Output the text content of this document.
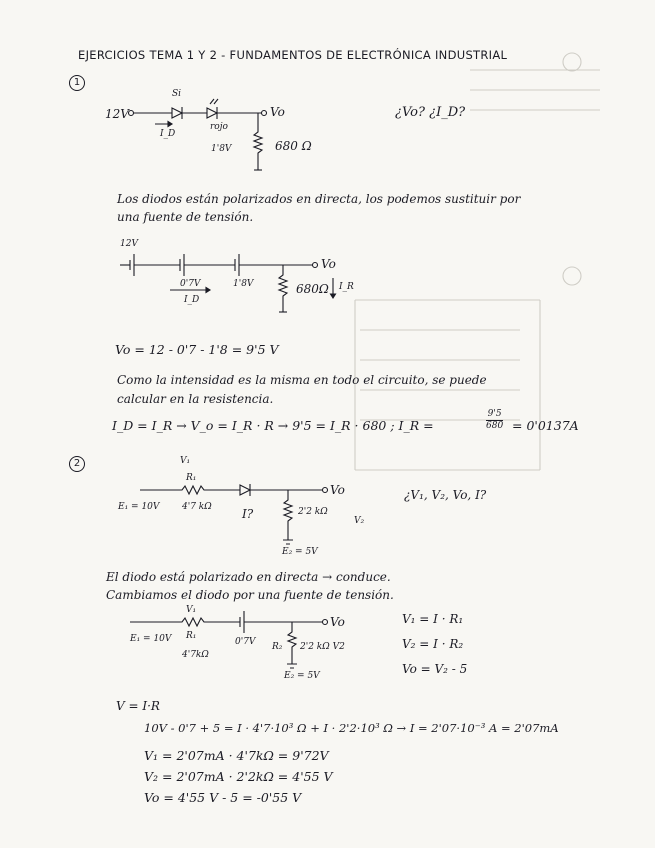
EJERCICIOS TEMA 1 Y 2 - FUNDAMENTOS DE ELECTRÓNICA INDUSTRIAL
1
12V
Si
rojo
1'8V
I_D
680 Ω
Vo	¿Vo? ¿I_D?
Los diodos están polarizados en directa, los podemos sustituir por
una fuente de tensión.
12V
0'7V	1'8V	680Ω I_R
I_D
Vo
Vo = 12 - 0'7 - 1'8 = 9'5 V
Como la intensidad es la misma en todo el circuito, se puede
calcular en la resistencia.
I_D = I_R → V_o = I_R · R → 9'5 = I_R · 680 ; I_R =	$\frac{9'5}{680} = 0'0137A$
2	V₁
R₁
E₁ = 10V	4'7 kΩ	I?	2'2 kΩ
V₂
E₂ = 5V
Vo	¿V₁, V₂, Vo, I?
El diodo está polarizado en directa → conduce.
Cambiamos el diodo por una fuente de tensión.
E₁ = 10V R₁
4'7kΩ
V₁
0'7V R₂ 2'2 kΩ V2
E₂ = 5V
Vo	V₁ = I · R₁
V₂ = I · R₂
Vo = V₂ - 5
V = I·R
10V - 0'7 + 5 = I · 4'7·10³ Ω + I · 2'2·10³ Ω → I = 2'07·10⁻³ A = 2'07mA
V₁ = 2'07mA · 4'7kΩ = 9'72V
V₂ = 2'07mA · 2'2kΩ = 4'55 V
Vo = 4'55 V - 5 = -0'55 V
